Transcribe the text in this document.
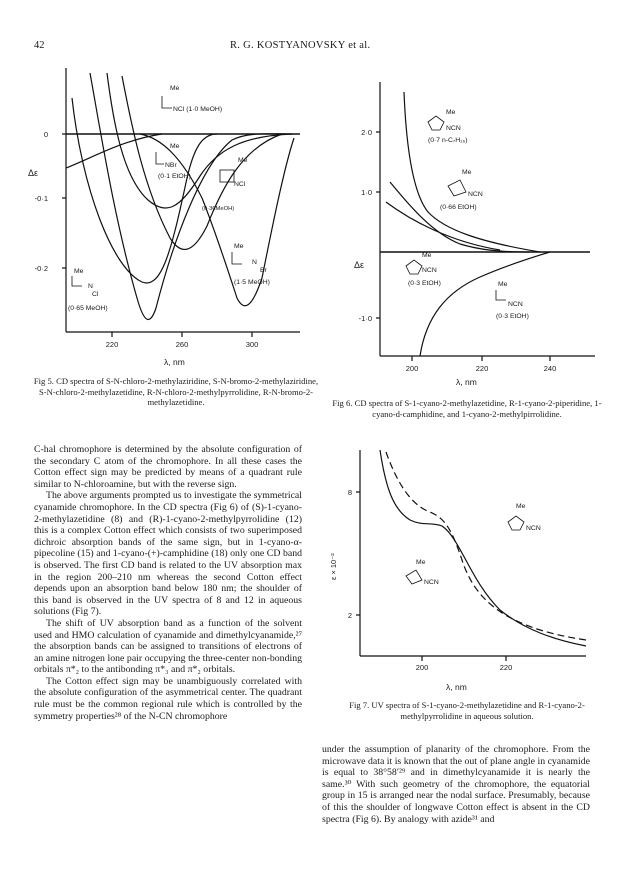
42	R. G. KOSTYANOVSKY et al.
0
-0·1
-0·2
Δε
220	260	300
λ, nm
Me
NCl (1·0 MeOH)
Me
NBr
(0·1 EtOH)
Me
NCl
(0·36MeOH)
Me
N
Br
(1·5 MeOH)
Me
N
Cl
(0·65 MeOH)
Fig 5. CD spectra of S-N-chloro-2-methylaziridine, S-N-bromo-2-methylaziridine, S-N-chloro-2-methylazetidine, R-N-chloro-2-methylpyrrolidine, R-N-bromo-2-methylazetidine.
2·0
1·0
-1·0
Δε
200	220	240
λ, nm
Me
NCN
(0·7 n-C₇H₁₆)
Me
NCN
(0·66 EtOH)
Me
NCN
(0·3 EtOH)	Me
NCN
(0·3 EtOH)
Fig 6. CD spectra of S-1-cyano-2-methylazetidine, R-1-cyano-2-piperidine, 1-cyano-d-camphidine, and 1-cyano-2-methylpirrolidine.
8
2
ε × 10⁻²
200	220
λ, nm
Me
NCN
Me
NCN
Fig 7. UV spectra of S-1-cyano-2-methylazetidine and R-1-cyano-2-methylpyrrolidine in aqueous solution.

C-hal chromophore is determined by the absolute configuration of the secondary C atom of the chromophore. In all these cases the Cotton effect sign may be predicted by means of a quadrant rule similar to N-chloroamine, but with the reverse sign.

The above arguments prompted us to investigate the symmetrical cyanamide chromophore. In the CD spectra (Fig 6) of (S)-1-cyano-2-methylazetidine (8) and (R)-1-cyano-2-methylpyrrolidine (12) this is a complex Cotton effect which consists of two superimposed dichroic absorption bands of the same sign, but in 1-cyano-α-pipecoline (15) and 1-cyano-(+)-camphidine (18) only one CD band is observed. The first CD band is related to the UV absorption max in the region 200–210 nm whereas the second Cotton effect depends upon an absorption band below 180 nm; the shoulder of this band is observed in the UV spectra of 8 and 12 in aqueous solutions (Fig 7).

The shift of UV absorption band as a function of the solvent used and HMO calculation of cyanamide and dimethylcyanamide,²⁷ the absorption bands can be assigned to transitions of electrons of an amine nitrogen lone pair occupying the three-center non-bonding orbitals π*₂ to the antibonding π*₃ and π*₂ orbitals.

The Cotton effect sign may be unambiguously correlated with the absolute configuration of the asymmetrical center. The quadrant rule must be the common regional rule which is controlled by the symmetry properties²⁸ of the N-CN chromophore

under the assumption of planarity of the chromophore. From the microwave data it is known that the out of plane angle in cyanamide is equal to 38°58′²⁹ and in dimethylcyanamide it is nearly the same.³⁰ With such geometry of the chromophore, the equatorial group in 15 is arranged near the nodal surface. Presumably, because of this the shoulder of longwave Cotton effect is absent in the CD spectra (Fig 6). By analogy with azide³¹ and
